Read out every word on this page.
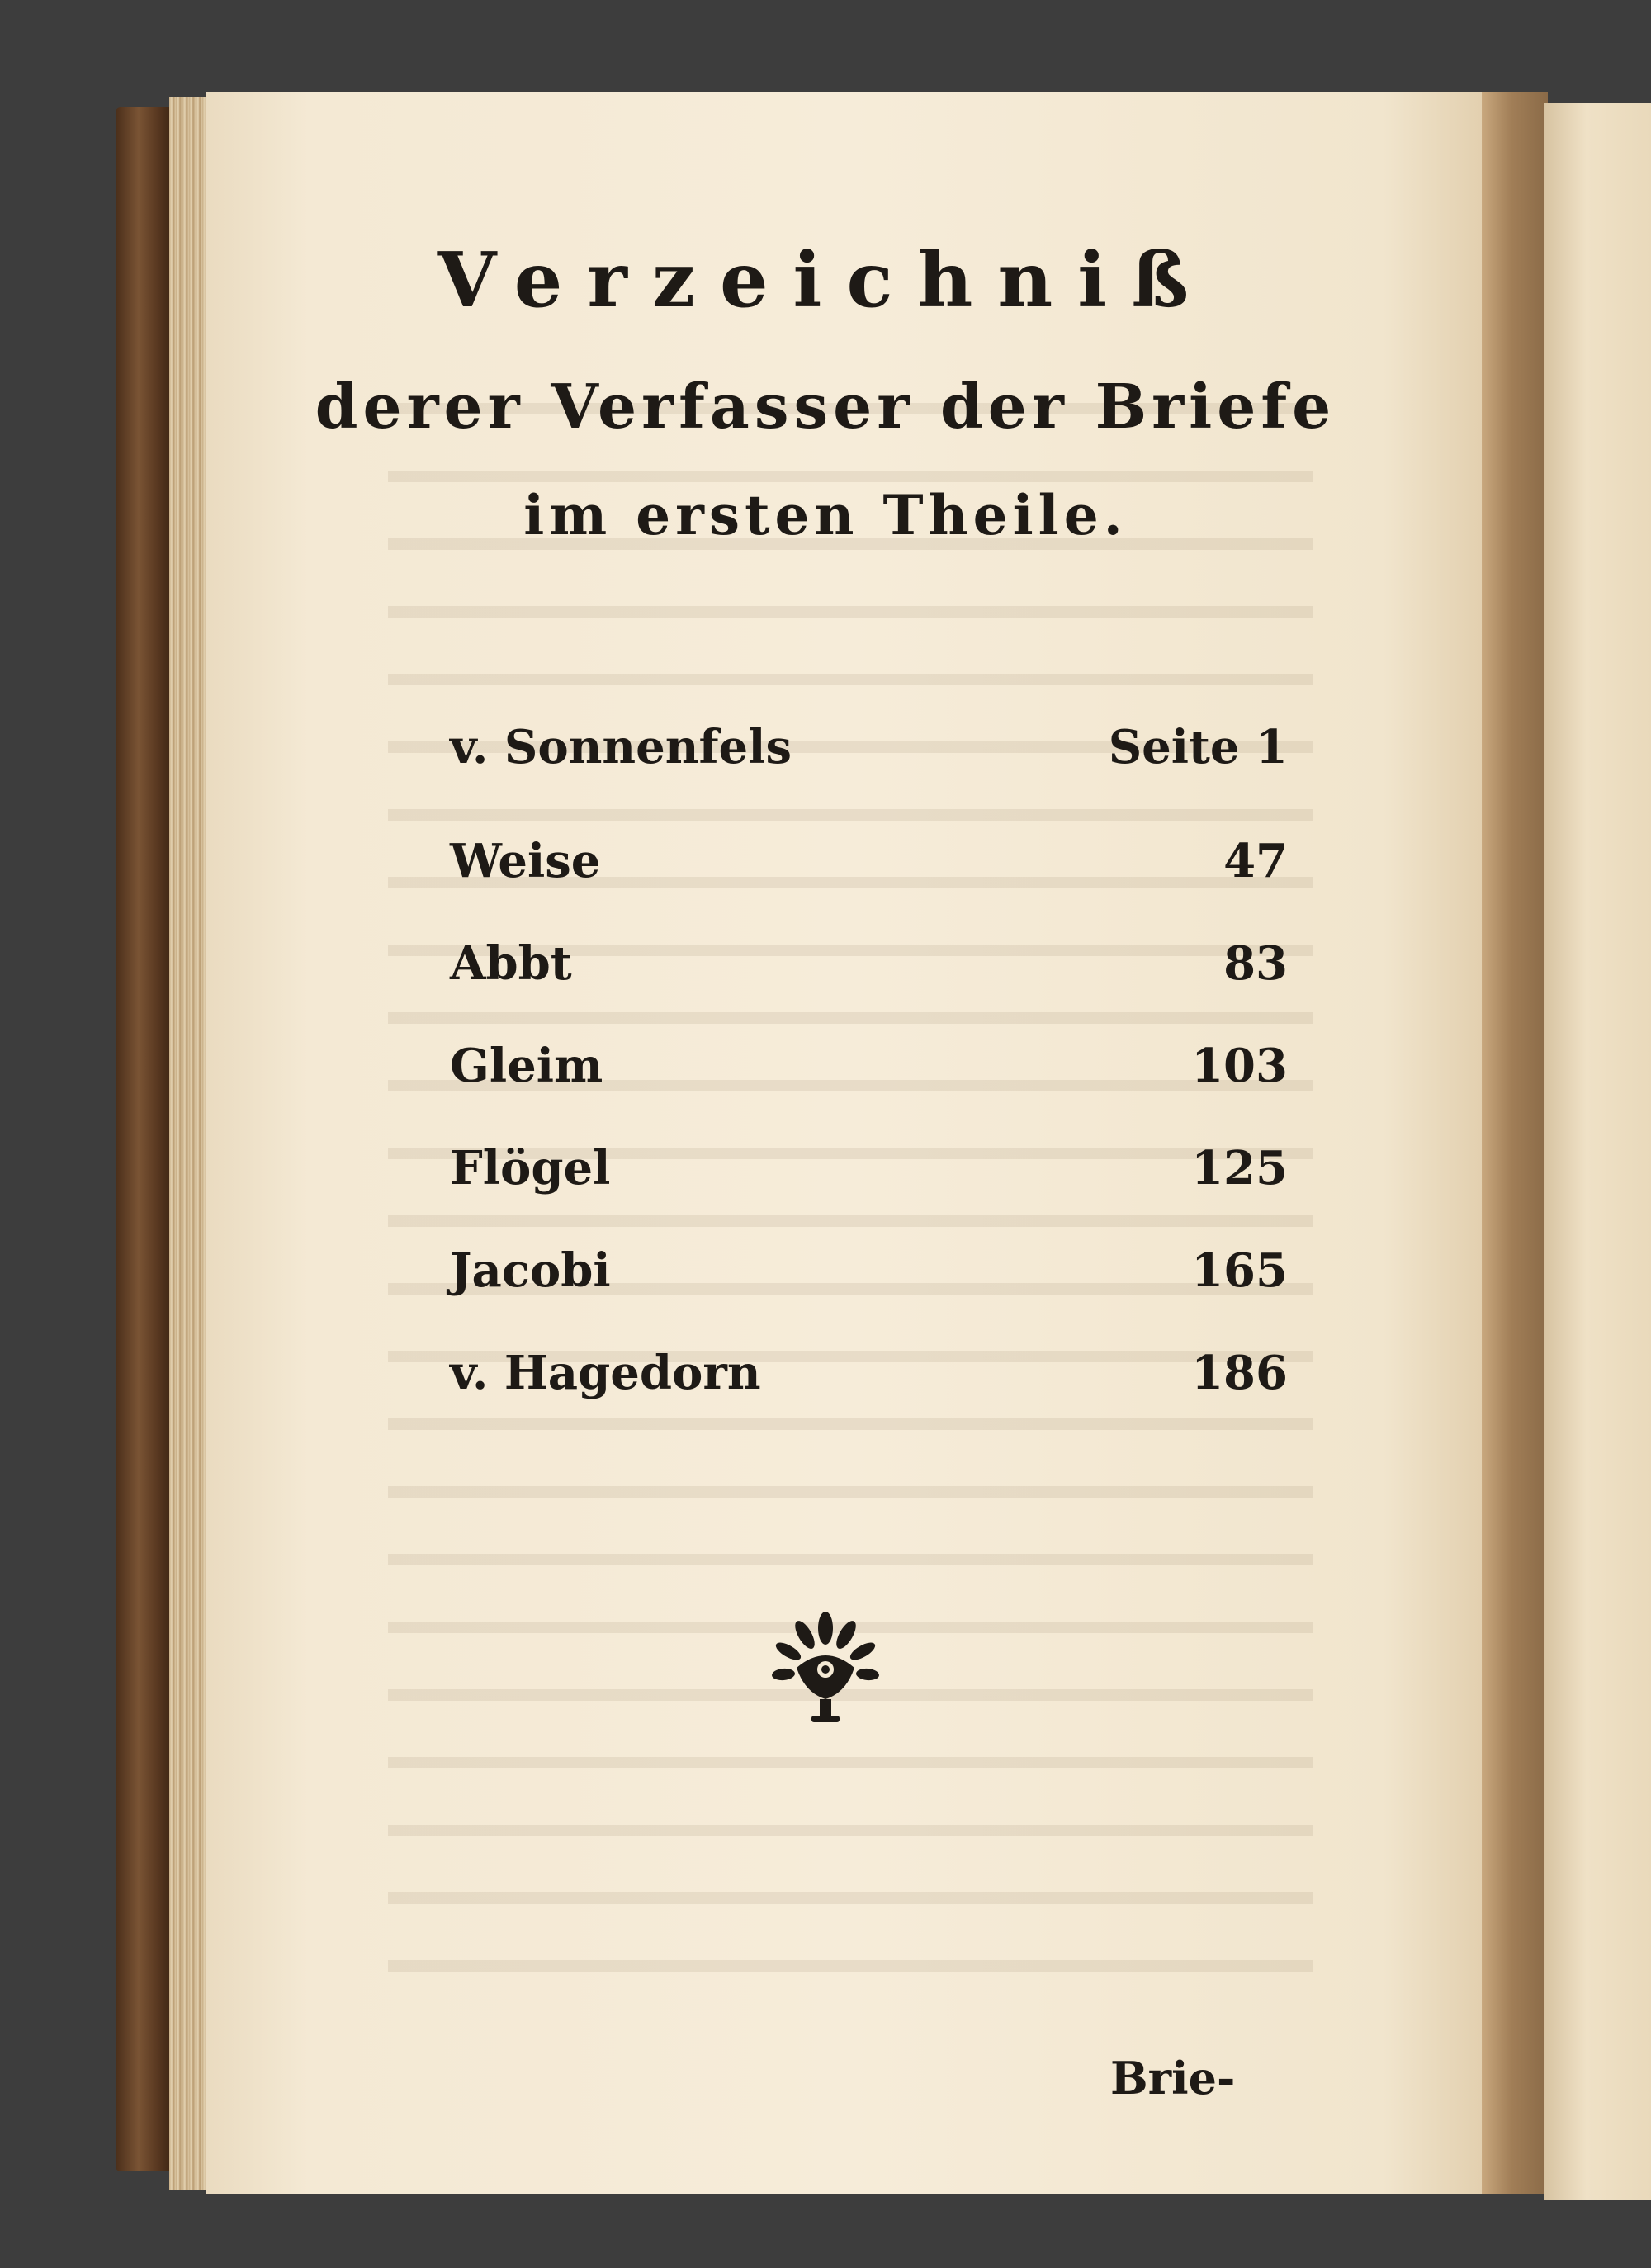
Verzeichniß
derer Verfasser der Briefe
im ersten Theile.
v. Sonnenfels	Seite 1
Weise	47
Abbt	83
Gleim	103
Flögel	125
Jacobi	165
v. Hagedorn	186
Brie-
